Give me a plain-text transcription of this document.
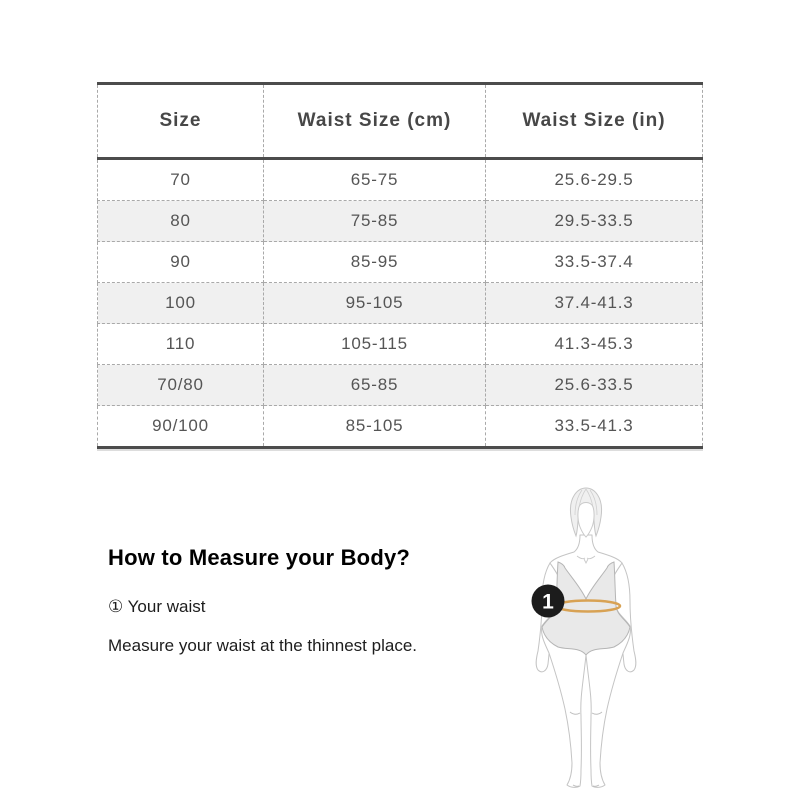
Size	Waist Size (cm)	Waist Size (in)
70	65-75	25.6-29.5
80	75-85	29.5-33.5
90	85-95	33.5-37.4
100	95-105	37.4-41.3
110	105-115	41.3-45.3
70/80	65-85	25.6-33.5
90/100	85-105	33.5-41.3
How to Measure your Body?

① Your waist

Measure your waist at the thinnest place.

1
